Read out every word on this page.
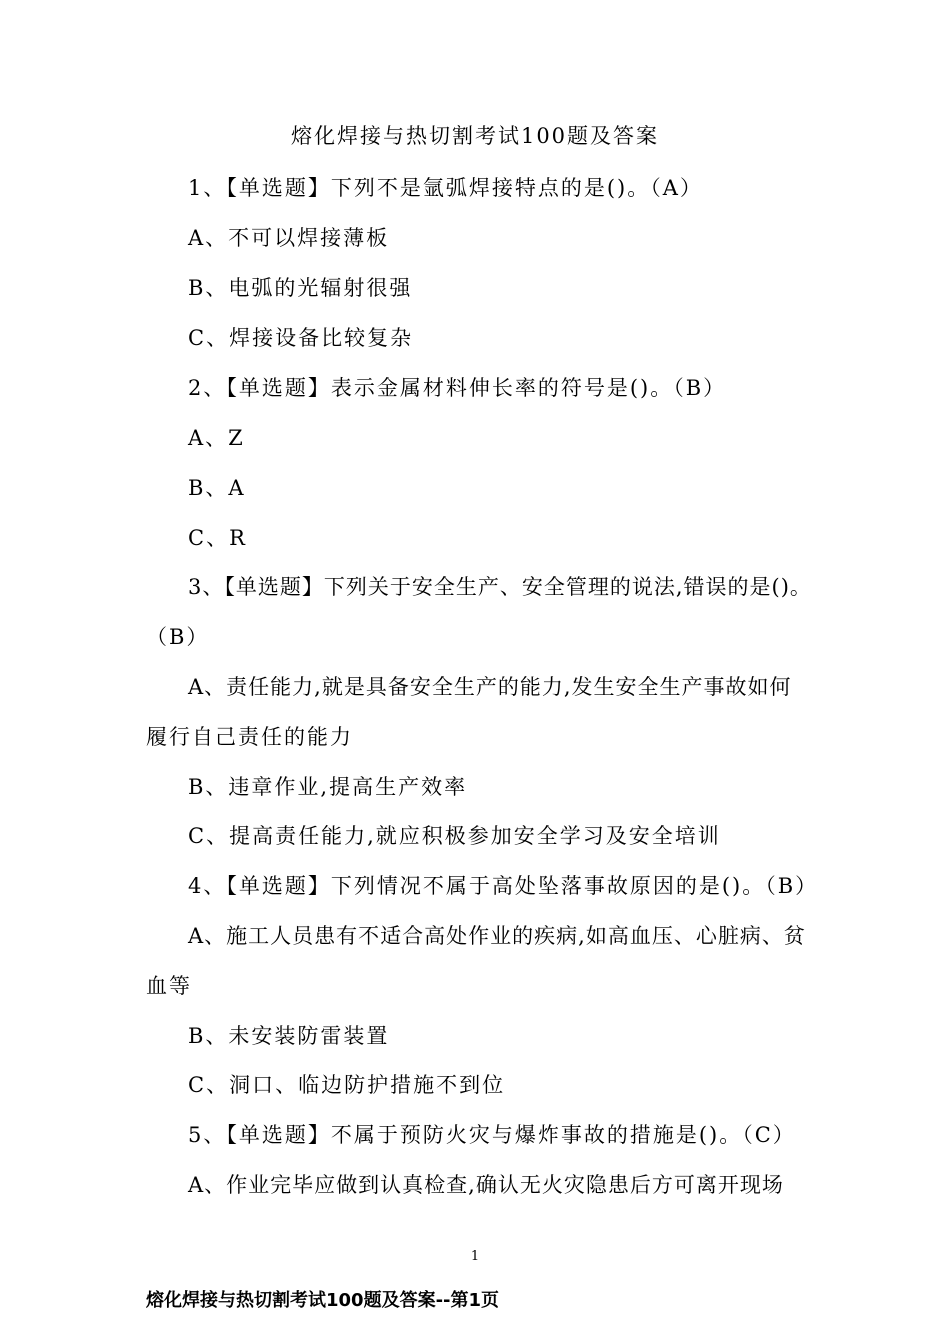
熔化焊接与热切割考试100题及答案
1、【单选题】下列不是氩弧焊接特点的是()。（A）
A、不可以焊接薄板
B、电弧的光辐射很强
C、焊接设备比较复杂
2、【单选题】表示金属材料伸长率的符号是()。（B）
A、Z
B、A
C、R
3、【单选题】下列关于安全生产、安全管理的说法,错误的是()。
（B）
A、责任能力,就是具备安全生产的能力,发生安全生产事故如何
履行自己责任的能力
B、违章作业,提高生产效率
C、提高责任能力,就应积极参加安全学习及安全培训
4、【单选题】下列情况不属于高处坠落事故原因的是()。（B）
A、施工人员患有不适合高处作业的疾病,如高血压、心脏病、贫
血等
B、未安装防雷装置
C、洞口、临边防护措施不到位
5、【单选题】不属于预防火灾与爆炸事故的措施是()。（C）
A、作业完毕应做到认真检查,确认无火灾隐患后方可离开现场
1
熔化焊接与热切割考试100题及答案--第1页
